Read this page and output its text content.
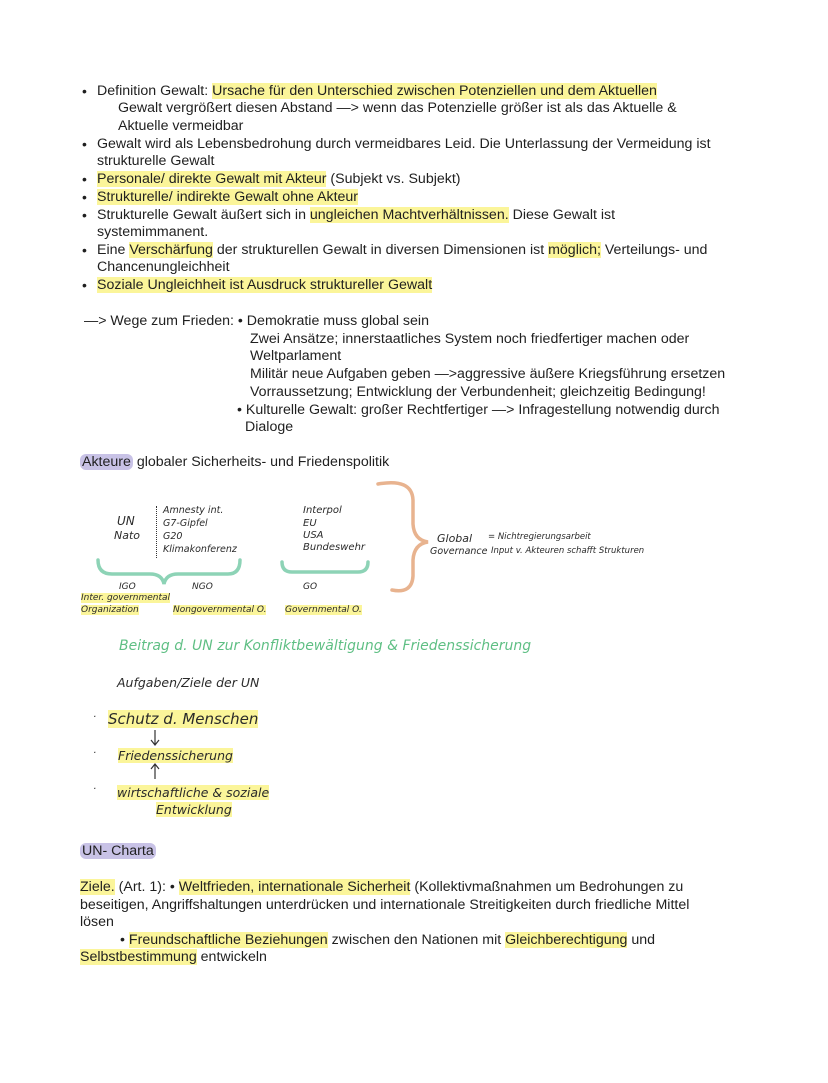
• Definition Gewalt: Ursache für den Unterschied zwischen Potenziellen und dem Aktuellen
Gewalt vergrößert diesen Abstand —> wenn das Potenzielle größer ist als das Aktuelle &
Aktuelle vermeidbar
• Gewalt wird als Lebensbedrohung durch vermeidbares Leid. Die Unterlassung der Vermeidung ist
strukturelle Gewalt
• Personale/ direkte Gewalt mit Akteur (Subjekt vs. Subjekt)
• Strukturelle/ indirekte Gewalt ohne Akteur
• Strukturelle Gewalt äußert sich in ungleichen Machtverhältnissen. Diese Gewalt ist
systemimmanent.
• Eine Verschärfung der strukturellen Gewalt in diversen Dimensionen ist möglich; Verteilungs- und
Chancenungleichheit
• Soziale Ungleichheit ist Ausdruck struktureller Gewalt
—> Wege zum Frieden: • Demokratie muss global sein
Zwei Ansätze; innerstaatliches System noch friedfertiger machen oder
Weltparlament
Militär neue Aufgaben geben —>aggressive äußere Kriegsführung ersetzen
Vorraussetzung; Entwicklung der Verbundenheit; gleichzeitig Bedingung!
• Kulturelle Gewalt: großer Rechtfertiger —> Infragestellung notwendig durch
Dialoge
Akteure globaler Sicherheits- und Friedenspolitik
UN
Nato
Amnesty int.
G7-Gipfel
G20
Klimakonferenz
Interpol
EU
USA
Bundeswehr
IGO	NGO	GO
Inter. governmental
Organization	Nongovernmental O. Governmental O.
Global
Governance
= Nichtregierungsarbeit
Input v. Akteuren schafft Strukturen
Beitrag d. UN zur Konfliktbewältigung & Friedenssicherung
Aufgaben/Ziele der UN
· Schutz d. Menschen
· Friedenssicherung
· wirtschaftliche & soziale
Entwicklung
UN- Charta
Ziele. (Art. 1): • Weltfrieden, internationale Sicherheit (Kollektivmaßnahmen um Bedrohungen zu
beseitigen, Angriffshaltungen unterdrücken und internationale Streitigkeiten durch friedliche Mittel
lösen
• Freundschaftliche Beziehungen zwischen den Nationen mit Gleichberechtigung und
Selbstbestimmung entwickeln
